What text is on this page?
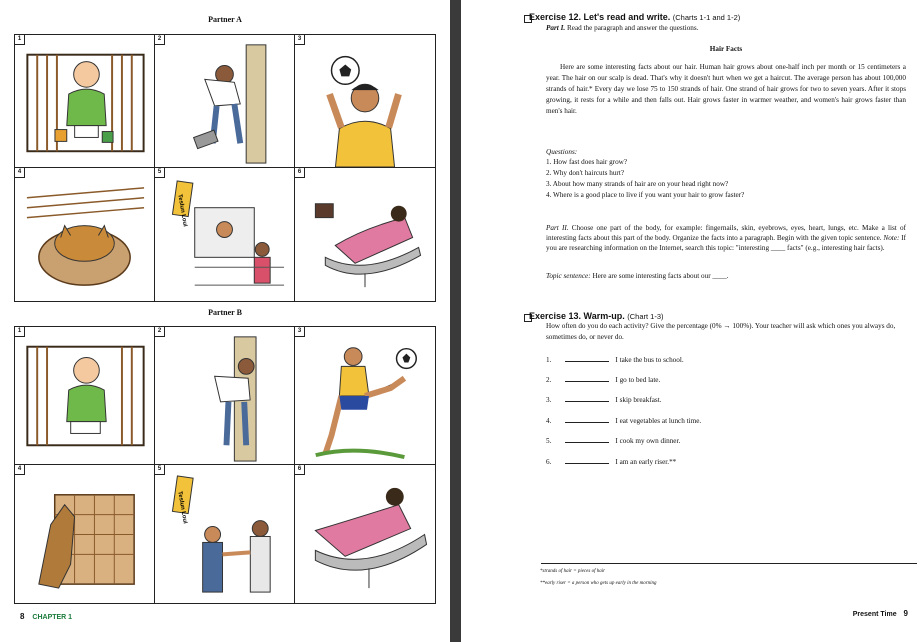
Partner A
1	2	3
4
Teslun Loui
5	6
Partner B
1	2	3
4
Teslun Loui
5	6
8 CHAPTER 1
Exercise 12. Let's read and write. (Charts 1-1 and 1-2)
Part I. Read the paragraph and answer the questions.
Hair Facts
Here are some interesting facts about our hair. Human hair grows about one-half inch per month or 15 centimeters a year. The hair on our scalp is dead. That's why it doesn't hurt when we get a haircut. The average person has about 100,000 strands of hair.* Every day we lose 75 to 150 strands of hair. One strand of hair grows for two to seven years. After it stops growing, it rests for a while and then falls out. Hair grows faster in warmer weather, and women's hair grows faster than men's hair.
Questions:
1. How fast does hair grow?
2. Why don't haircuts hurt?
3. About how many strands of hair are on your head right now?
4. Where is a good place to live if you want your hair to grow faster?
Part II. Choose one part of the body, for example: fingernails, skin, eyebrows, eyes, heart, lungs, etc. Make a list of interesting facts about this part of the body. Organize the facts into a paragraph. Begin with the given topic sentence. Note: If you are researching information on the Internet, search this topic: "interesting ____ facts" (e.g., interesting hair facts).
Topic sentence: Here are some interesting facts about our ____.
Exercise 13. Warm-up. (Chart 1-3)
How often do you do each activity? Give the percentage (0% → 100%). Your teacher will ask which ones you always do, sometimes do, or never do.
1.	I take the bus to school.
2.	I go to bed late.
3.	I skip breakfast.
4.	I eat vegetables at lunch time.
5.	I cook my own dinner.
6.	I am an early riser.**
*strands of hair = pieces of hair
**early riser = a person who gets up early in the morning
Present Time 9
